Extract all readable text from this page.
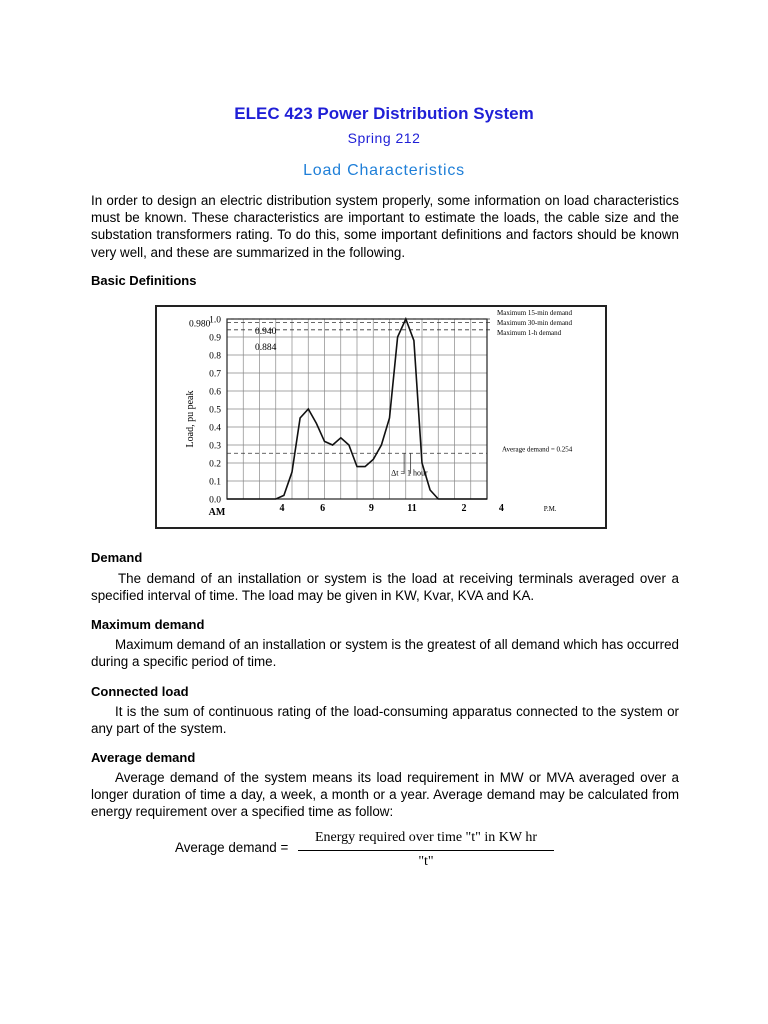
ELEC 423 Power Distribution System
Spring 212
Load Characteristics
In order to design an electric distribution system properly, some information on load characteristics must be known. These characteristics are important to estimate the loads, the cable size and the substation transformers rating. To do this, some important definitions and factors should be known very well, and these are summarized in the following.
Basic Definitions
0.0
0.1
0.2
0.3
0.4
0.5
0.6
0.7
0.8
0.9
1.0
Load, pu peak
AM	4	6	9	11	2	4	P.M.
Maximum 15-min demand
Maximum 30-min demand
Maximum 1-h demand
Average demand = 0.254
0.980
0.940
0.884
Δt = 1 hour
Demand
The demand of an installation or system is the load at receiving terminals averaged over a specified interval of time. The load may be given in KW, Kvar, KVA and KA.
Maximum demand
Maximum demand of an installation or system is the greatest of all demand which has occurred during a specific period of time.
Connected load
It is the sum of continuous rating of the load-consuming apparatus connected to the system or any part of the system.
Average demand
Average demand of the system means its load requirement in MW or MVA averaged over a longer duration of time a day, a week, a month or a year. Average demand may be calculated from energy requirement over a specified time as follow:
Average demand =
Energy required over time "t" in KW hr
"t"
